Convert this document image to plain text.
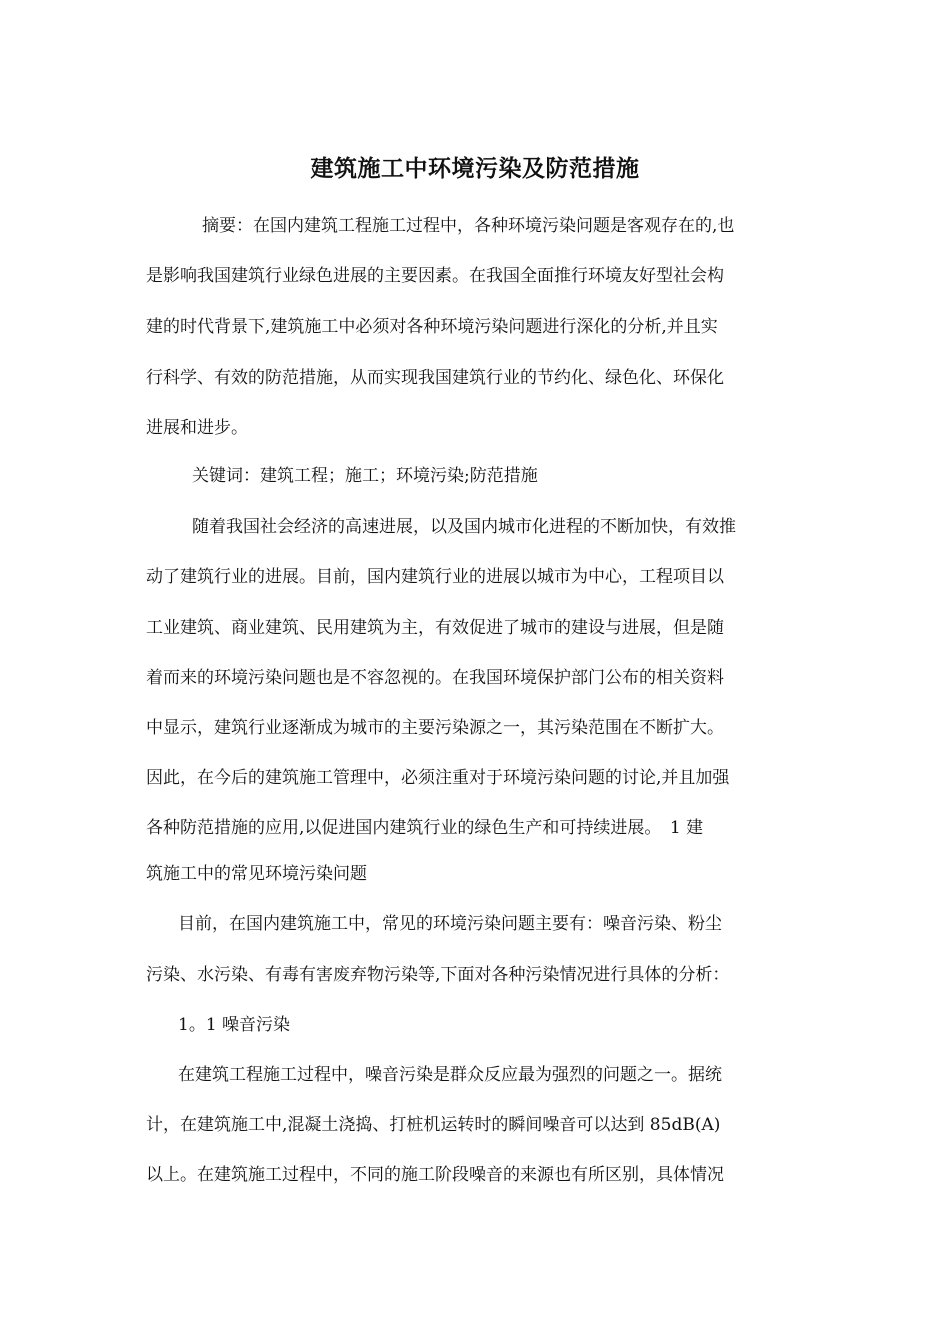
建筑施工中环境污染及防范措施
摘要：在国内建筑工程施工过程中，各种环境污染问题是客观存在的,也
是影响我国建筑行业绿色进展的主要因素。在我国全面推行环境友好型社会构
建的时代背景下,建筑施工中必须对各种环境污染问题进行深化的分析,并且实
行科学、有效的防范措施，从而实现我国建筑行业的节约化、绿色化、环保化
进展和进步。
关键词：建筑工程；施工；环境污染;防范措施
随着我国社会经济的高速进展，以及国内城市化进程的不断加快，有效推
动了建筑行业的进展。目前，国内建筑行业的进展以城市为中心，工程项目以
工业建筑、商业建筑、民用建筑为主，有效促进了城市的建设与进展，但是随
着而来的环境污染问题也是不容忽视的。在我国环境保护部门公布的相关资料
中显示，建筑行业逐渐成为城市的主要污染源之一，其污染范围在不断扩大。
因此，在今后的建筑施工管理中，必须注重对于环境污染问题的讨论,并且加强
各种防范措施的应用,以促进国内建筑行业的绿色生产和可持续进展。　1 建
筑施工中的常见环境污染问题
目前，在国内建筑施工中，常见的环境污染问题主要有：噪音污染、粉尘
污染、水污染、有毒有害废弃物污染等,下面对各种污染情况进行具体的分析：
1。1 噪音污染
在建筑工程施工过程中，噪音污染是群众反应最为强烈的问题之一。据统
计，在建筑施工中,混凝土浇捣、打桩机运转时的瞬间噪音可以达到 85dB(A)
以上。在建筑施工过程中，不同的施工阶段噪音的来源也有所区别，具体情况
